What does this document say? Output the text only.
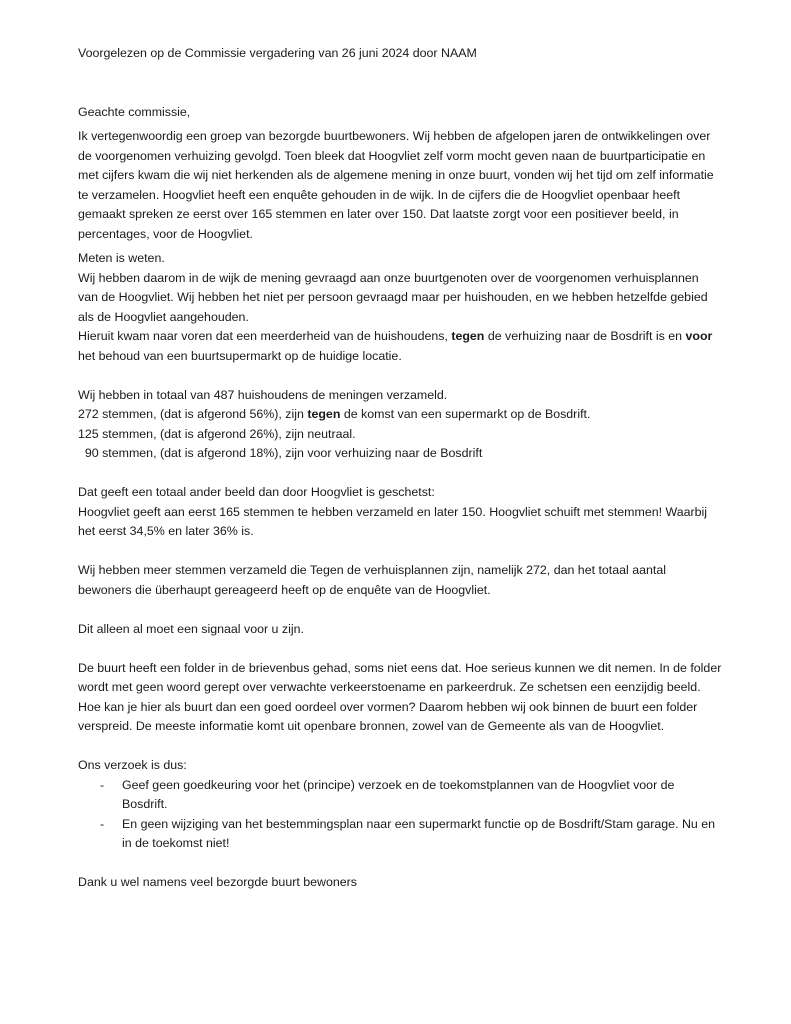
Voorgelezen op de Commissie vergadering van 26 juni 2024 door NAAM

Geachte commissie,

Ik vertegenwoordig een groep van bezorgde buurtbewoners. Wij hebben de afgelopen jaren de ontwikkelingen over
de voorgenomen verhuizing gevolgd. Toen bleek dat Hoogvliet zelf vorm mocht geven naan de buurtparticipatie en
met cijfers kwam die wij niet herkenden als de algemene mening in onze buurt, vonden wij het tijd om zelf informatie
te verzamelen. Hoogvliet heeft een enquête gehouden in de wijk. In de cijfers die de Hoogvliet openbaar heeft
gemaakt spreken ze eerst over 165 stemmen en later over 150. Dat laatste zorgt voor een positiever beeld, in
percentages, voor de Hoogvliet.
Meten is weten.
Wij hebben daarom in de wijk de mening gevraagd aan onze buurtgenoten over de voorgenomen verhuisplannen
van de Hoogvliet. Wij hebben het niet per persoon gevraagd maar per huishouden, en we hebben hetzelfde gebied
als de Hoogvliet aangehouden.
Hieruit kwam naar voren dat een meerderheid van de huishoudens, tegen de verhuizing naar de Bosdrift is en voor
het behoud van een buurtsupermarkt op de huidige locatie.
Wij hebben in totaal van 487 huishoudens de meningen verzameld.
272 stemmen, (dat is afgerond 56%), zijn tegen de komst van een supermarkt op de Bosdrift.
125 stemmen, (dat is afgerond 26%), zijn neutraal.
90 stemmen, (dat is afgerond 18%), zijn voor verhuizing naar de Bosdrift
Dat geeft een totaal ander beeld dan door Hoogvliet is geschetst:
Hoogvliet geeft aan eerst 165 stemmen te hebben verzameld en later 150. Hoogvliet schuift met stemmen! Waarbij
het eerst 34,5% en later 36% is.
Wij hebben meer stemmen verzameld die Tegen de verhuisplannen zijn, namelijk 272, dan het totaal aantal
bewoners die überhaupt gereageerd heeft op de enquête van de Hoogvliet.

Dit alleen al moet een signaal voor u zijn.

De buurt heeft een folder in de brievenbus gehad, soms niet eens dat. Hoe serieus kunnen we dit nemen. In de folder
wordt met geen woord gerept over verwachte verkeerstoename en parkeerdruk. Ze schetsen een eenzijdig beeld.
Hoe kan je hier als buurt dan een goed oordeel over vormen? Daarom hebben wij ook binnen de buurt een folder
verspreid. De meeste informatie komt uit openbare bronnen, zowel van de Gemeente als van de Hoogvliet.

Ons verzoek is dus:

- Geef geen goedkeuring voor het (principe) verzoek en de toekomstplannen van de Hoogvliet voor de
Bosdrift.
- En geen wijziging van het bestemmingsplan naar een supermarkt functie op de Bosdrift/Stam garage. Nu en
in de toekomst niet!

Dank u wel namens veel bezorgde buurt bewoners
